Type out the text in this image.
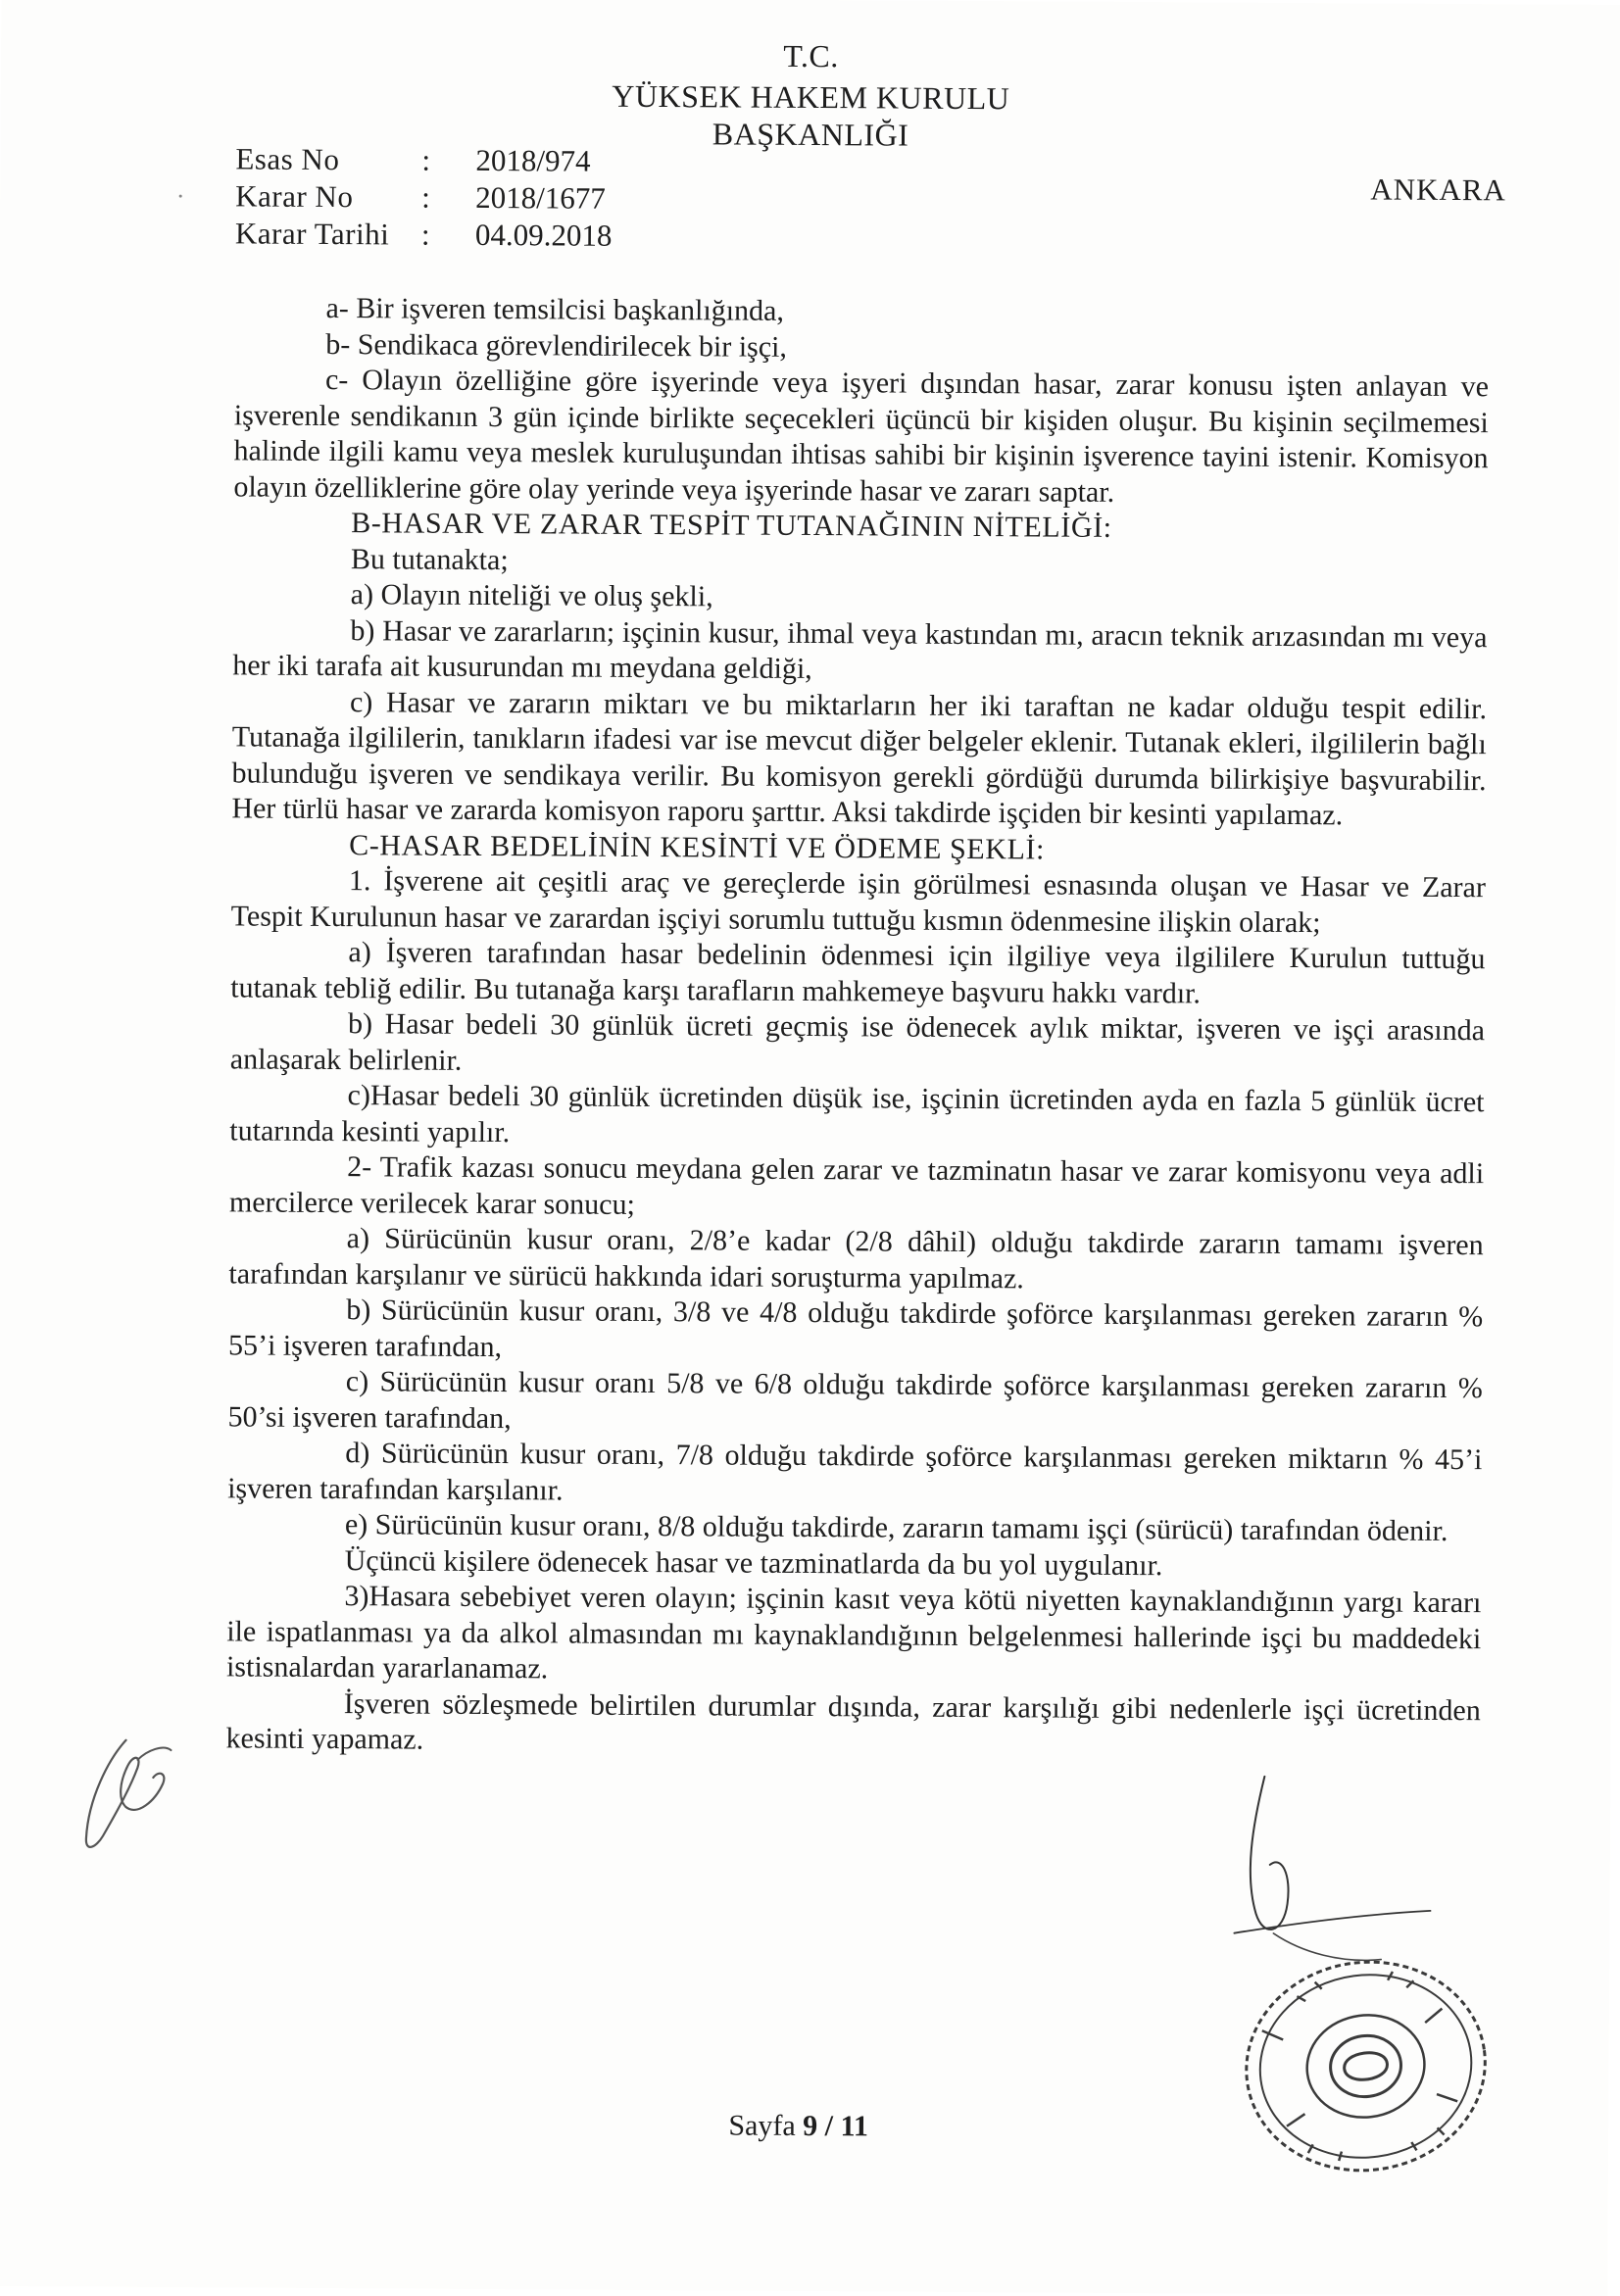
T.C.
YÜKSEK HAKEM KURULU
BAŞKANLIĞI
ANKARA
Esas No	: 2018/974
Karar No : 2018/1677
Karar Tarihi : 04.09.2018

a- Bir işveren temsilcisi başkanlığında,

b- Sendikaca görevlendirilecek bir işçi,

c- Olayın özelliğine göre işyerinde veya işyeri dışından hasar, zarar konusu işten anlayan ve işverenle sendikanın 3 gün içinde birlikte seçecekleri üçüncü bir kişiden oluşur. Bu kişinin seçilmemesi halinde ilgili kamu veya meslek kuruluşundan ihtisas sahibi bir kişinin işverence tayini istenir. Komisyon olayın özelliklerine göre olay yerinde veya işyerinde hasar ve zararı saptar.

B-HASAR VE ZARAR TESPİT TUTANAĞININ NİTELİĞİ:

Bu tutanakta;

a) Olayın niteliği ve oluş şekli,

b) Hasar ve zararların; işçinin kusur, ihmal veya kastından mı, aracın teknik arızasından mı veya her iki tarafa ait kusurundan mı meydana geldiği,

c) Hasar ve zararın miktarı ve bu miktarların her iki taraftan ne kadar olduğu tespit edilir. Tutanağa ilgililerin, tanıkların ifadesi var ise mevcut diğer belgeler eklenir. Tutanak ekleri, ilgililerin bağlı bulunduğu işveren ve sendikaya verilir. Bu komisyon gerekli gördüğü durumda bilirkişiye başvurabilir. Her türlü hasar ve zararda komisyon raporu şarttır. Aksi takdirde işçiden bir kesinti yapılamaz.

C-HASAR BEDELİNİN KESİNTİ VE ÖDEME ŞEKLİ:

1. İşverene ait çeşitli araç ve gereçlerde işin görülmesi esnasında oluşan ve Hasar ve Zarar Tespit Kurulunun hasar ve zarardan işçiyi sorumlu tuttuğu kısmın ödenmesine ilişkin olarak;

a) İşveren tarafından hasar bedelinin ödenmesi için ilgiliye veya ilgililere Kurulun tuttuğu tutanak tebliğ edilir. Bu tutanağa karşı tarafların mahkemeye başvuru hakkı vardır.

b) Hasar bedeli 30 günlük ücreti geçmiş ise ödenecek aylık miktar, işveren ve işçi arasında anlaşarak belirlenir.

c)Hasar bedeli 30 günlük ücretinden düşük ise, işçinin ücretinden ayda en fazla 5 günlük ücret tutarında kesinti yapılır.

2- Trafik kazası sonucu meydana gelen zarar ve tazminatın hasar ve zarar komisyonu veya adli mercilerce verilecek karar sonucu;

a) Sürücünün kusur oranı, 2/8’e kadar (2/8 dâhil) olduğu takdirde zararın tamamı işveren tarafından karşılanır ve sürücü hakkında idari soruşturma yapılmaz.

b) Sürücünün kusur oranı, 3/8 ve 4/8 olduğu takdirde şoförce karşılanması gereken zararın % 55’i işveren tarafından,

c) Sürücünün kusur oranı 5/8 ve 6/8 olduğu takdirde şoförce karşılanması gereken zararın % 50’si işveren tarafından,

d) Sürücünün kusur oranı, 7/8 olduğu takdirde şoförce karşılanması gereken miktarın % 45’i işveren tarafından karşılanır.

e) Sürücünün kusur oranı, 8/8 olduğu takdirde, zararın tamamı işçi (sürücü) tarafından ödenir.

Üçüncü kişilere ödenecek hasar ve tazminatlarda da bu yol uygulanır.

3)Hasara sebebiyet veren olayın; işçinin kasıt veya kötü niyetten kaynaklandığının yargı kararı ile ispatlanması ya da alkol almasından mı kaynaklandığının belgelenmesi hallerinde işçi bu maddedeki istisnalardan yararlanamaz.

İşveren sözleşmede belirtilen durumlar dışında, zarar karşılığı gibi nedenlerle işçi ücretinden kesinti yapamaz.

Sayfa 9 / 11
